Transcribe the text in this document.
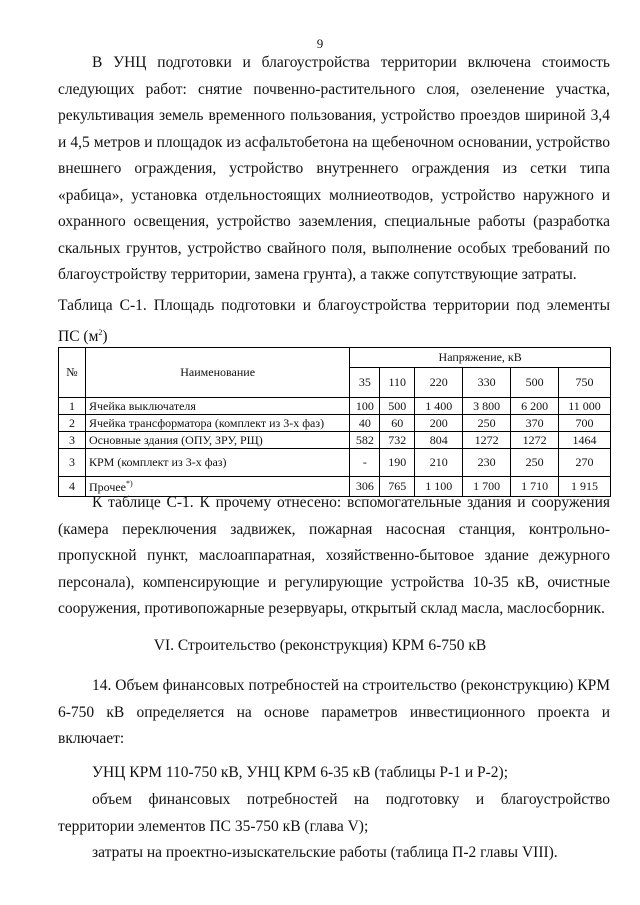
9
В УНЦ подготовки и благоустройства территории включена стоимость следующих работ: снятие почвенно-растительного слоя, озеленение участка, рекультивация земель временного пользования, устройство проездов шириной 3,4 и 4,5 метров и площадок из асфальтобетона на щебеночном основании, устройство внешнего ограждения, устройство внутреннего ограждения из сетки типа «рабица», установка отдельностоящих молниеотводов, устройство наружного и охранного освещения, устройство заземления, специальные работы (разработка скальных грунтов, устройство свайного поля, выполнение особых требований по благоустройству территории, замена грунта), а также сопутствующие затраты.
Таблица С-1. Площадь подготовки и благоустройства территории под элементы ПС $(м^2)$
№	Наименование	Напряжение, кВ					
		35	110	220	330	500	750
1	Ячейка выключателя	100	500	1 400	3 800	6 200	11 000
2	Ячейка трансформатора (комплект из 3-х фаз)	40	60	200	250	370	700
3	Основные здания (ОПУ, ЗРУ, РЩ)	582	732	804	1272	1272	1464
3	КРМ (комплект из 3-х фаз)	-	190	210	230	250	270
4	Прочее*)	306	765	1 100	1 700	1 710	1 915
К таблице С-1. К прочему отнесено: вспомогательные здания и сооружения (камера переключения задвижек, пожарная насосная станция, контрольно-пропускной пункт, маслоаппаратная, хозяйственно-бытовое здание дежурного персонала), компенсирующие и регулирующие устройства 10-35 кВ, очистные сооружения, противопожарные резервуары, открытый склад масла, маслосборник.
VI. Строительство (реконструкция) КРМ 6-750 кВ
14. Объем финансовых потребностей на строительство (реконструкцию) КРМ 6-750 кВ определяется на основе параметров инвестиционного проекта и включает:
УНЦ КРМ 110-750 кВ, УНЦ КРМ 6-35 кВ (таблицы Р-1 и Р-2);
объем финансовых потребностей на подготовку и благоустройство территории элементов ПС 35-750 кВ (глава V);
затраты на проектно-изыскательские работы (таблица П-2 главы VIII).
